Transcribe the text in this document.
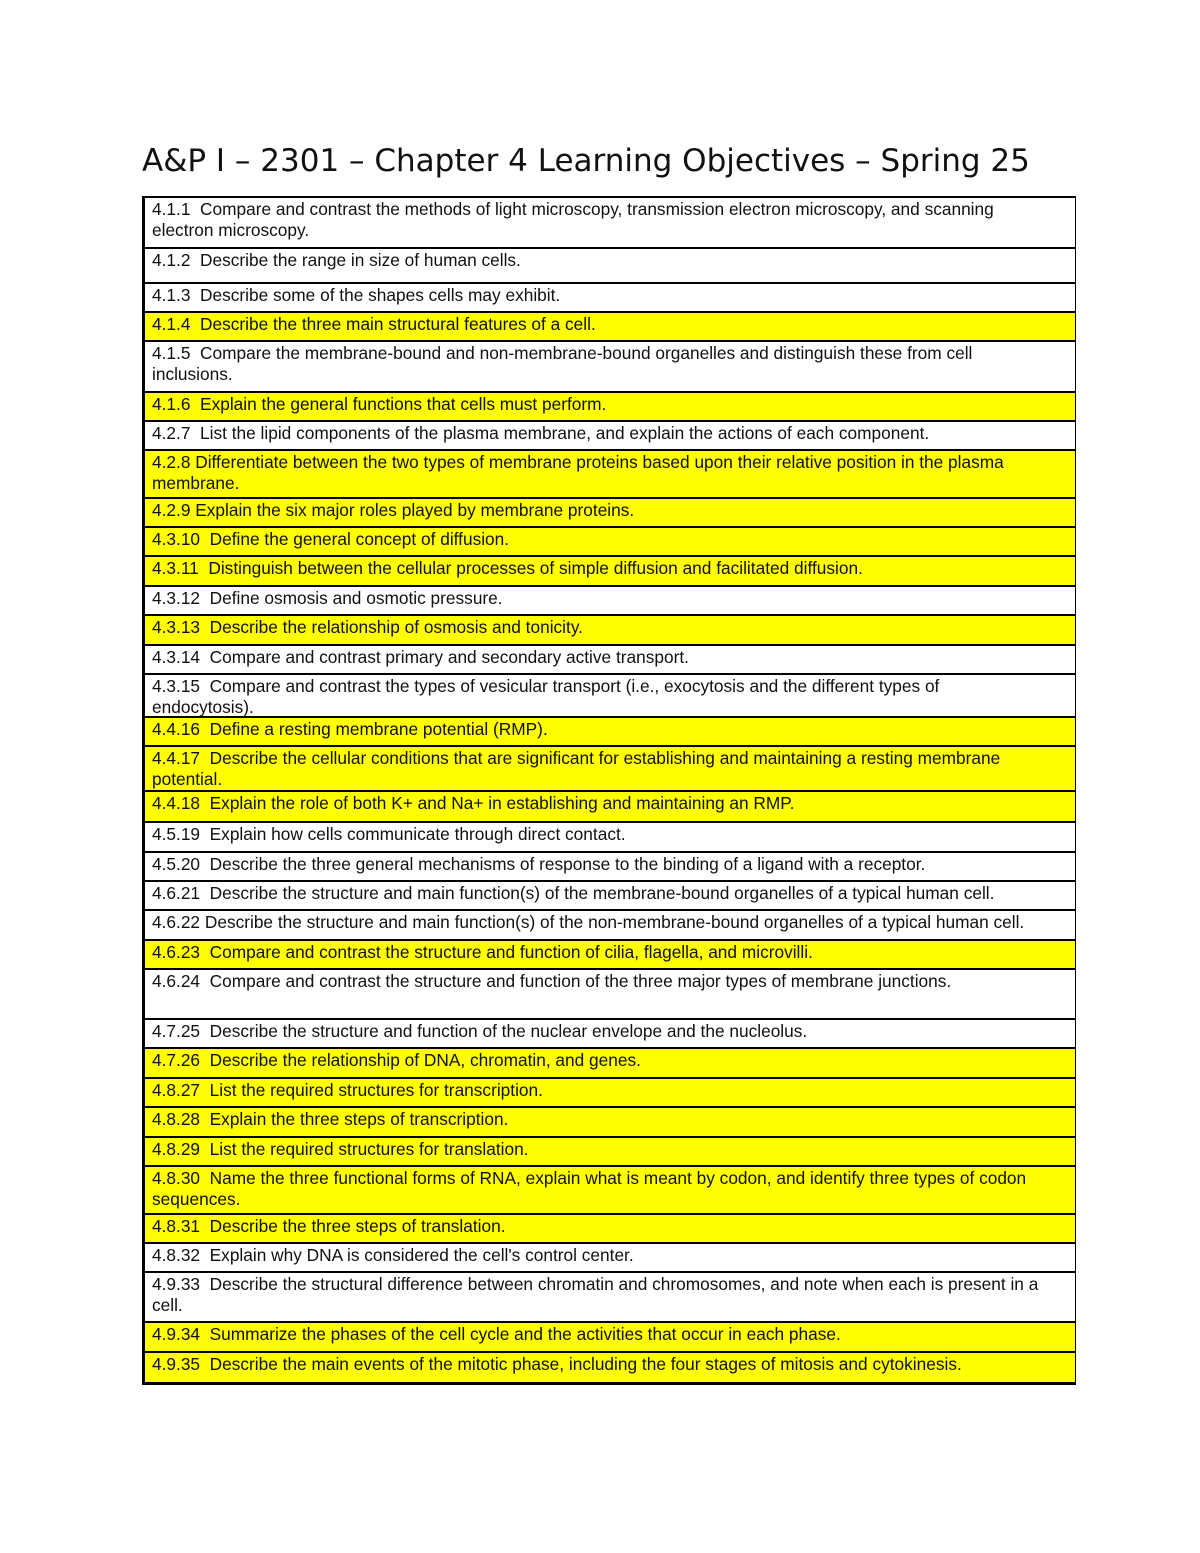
A&P I – 2301 – Chapter 4 Learning Objectives – Spring 25
4.1.1  Compare and contrast the methods of light microscopy, transmission electron microscopy, and scanning
electron microscopy.
4.1.2  Describe the range in size of human cells.
4.1.3  Describe some of the shapes cells may exhibit.
4.1.4  Describe the three main structural features of a cell.
4.1.5  Compare the membrane-bound and non-membrane-bound organelles and distinguish these from cell
inclusions.
4.1.6  Explain the general functions that cells must perform.
4.2.7  List the lipid components of the plasma membrane, and explain the actions of each component.
4.2.8 Differentiate between the two types of membrane proteins based upon their relative position in the plasma
membrane.
4.2.9 Explain the six major roles played by membrane proteins.
4.3.10  Define the general concept of diffusion.
4.3.11  Distinguish between the cellular processes of simple diffusion and facilitated diffusion.
4.3.12  Define osmosis and osmotic pressure.
4.3.13  Describe the relationship of osmosis and tonicity.
4.3.14  Compare and contrast primary and secondary active transport.
4.3.15  Compare and contrast the types of vesicular transport (i.e., exocytosis and the different types of
endocytosis).
4.4.16  Define a resting membrane potential (RMP).
4.4.17  Describe the cellular conditions that are significant for establishing and maintaining a resting membrane
potential.
4.4.18  Explain the role of both K+ and Na+ in establishing and maintaining an RMP.
4.5.19  Explain how cells communicate through direct contact.
4.5.20  Describe the three general mechanisms of response to the binding of a ligand with a receptor.
4.6.21  Describe the structure and main function(s) of the membrane-bound organelles of a typical human cell.
4.6.22 Describe the structure and main function(s) of the non-membrane-bound organelles of a typical human cell.
4.6.23  Compare and contrast the structure and function of cilia, flagella, and microvilli.
4.6.24  Compare and contrast the structure and function of the three major types of membrane junctions.
4.7.25  Describe the structure and function of the nuclear envelope and the nucleolus.
4.7.26  Describe the relationship of DNA, chromatin, and genes.
4.8.27  List the required structures for transcription.
4.8.28  Explain the three steps of transcription.
4.8.29  List the required structures for translation.
4.8.30  Name the three functional forms of RNA, explain what is meant by codon, and identify three types of codon
sequences.
4.8.31  Describe the three steps of translation.
4.8.32  Explain why DNA is considered the cell's control center.
4.9.33  Describe the structural difference between chromatin and chromosomes, and note when each is present in a
cell.
4.9.34  Summarize the phases of the cell cycle and the activities that occur in each phase.
4.9.35  Describe the main events of the mitotic phase, including the four stages of mitosis and cytokinesis.
